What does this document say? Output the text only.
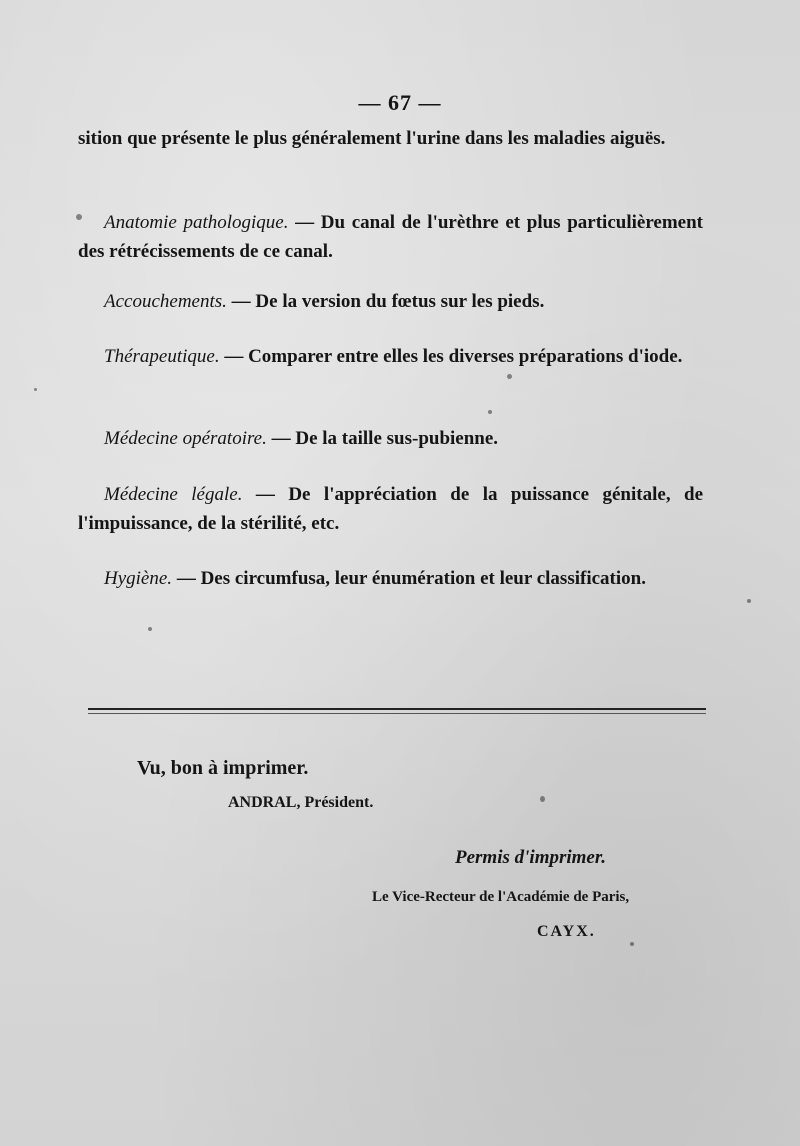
— 67 —
sition que présente le plus généralement l'urine dans les maladies aiguës.
Anatomie pathologique. — Du canal de l'urèthre et plus particulièrement des rétrécissements de ce canal.
Accouchements. — De la version du fœtus sur les pieds.
Thérapeutique. — Comparer entre elles les diverses préparations d'iode.
Médecine opératoire. — De la taille sus-pubienne.
Médecine légale. — De l'appréciation de la puissance génitale, de l'impuissance, de la stérilité, etc.
Hygiène. — Des circumfusa, leur énumération et leur classification.
Vu, bon à imprimer.
ANDRAL, Président.
Permis d'imprimer.
Le Vice-Recteur de l'Académie de Paris,
CAYX.
